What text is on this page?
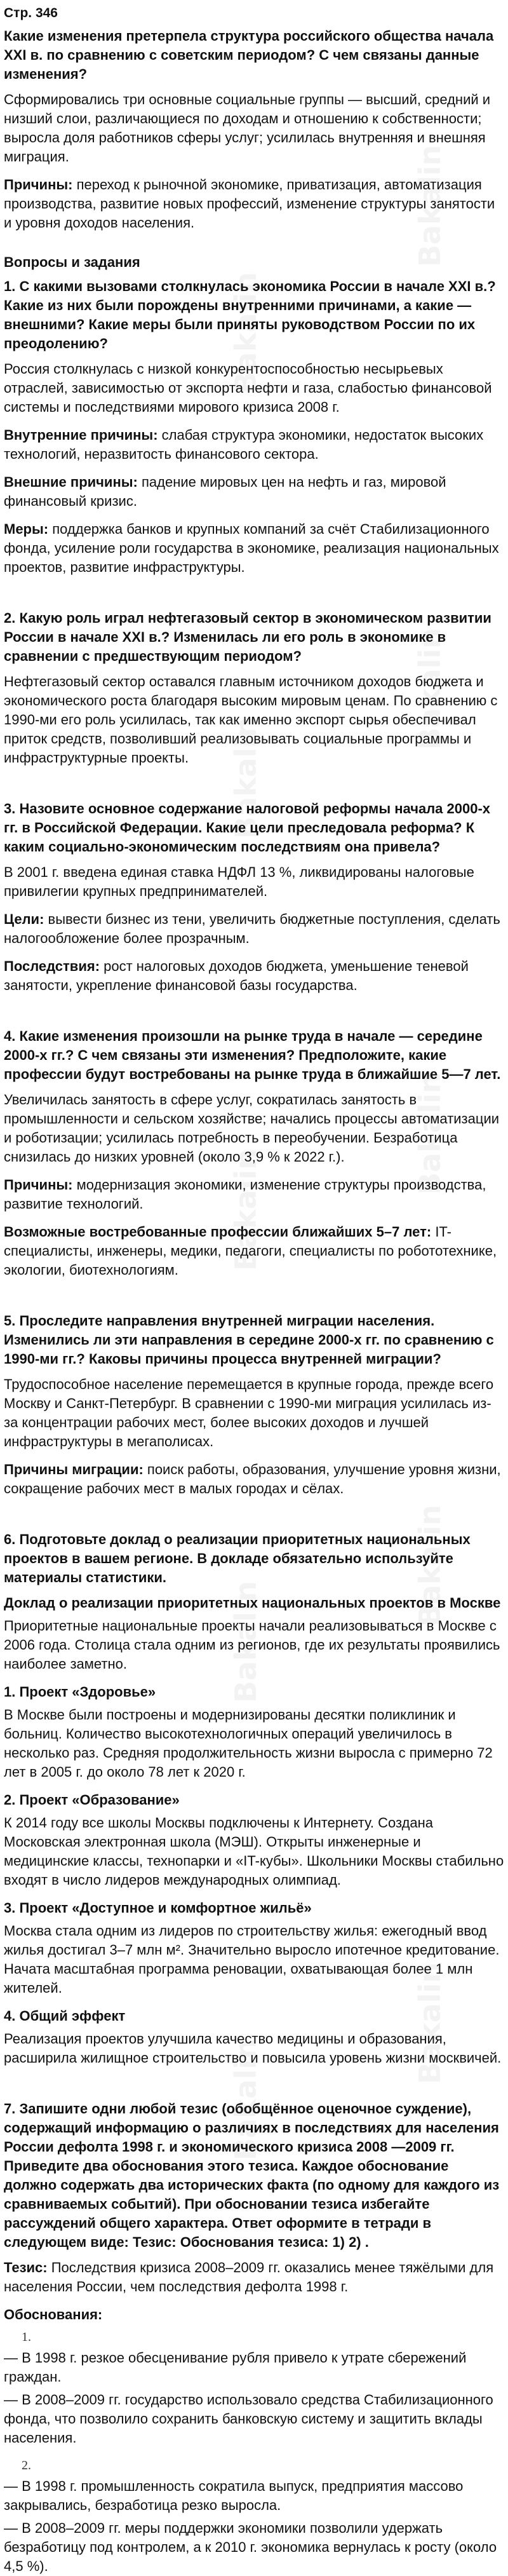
Bakalin
Bakalin
Bakalin
Bakalin
Bakalin
Bakalin
Bakalin
Bakalin
Bakalin
Bakalin
Стр. 346

Какие изменения претерпела структура российского общества начала XXI в. по сравнению с советским периодом? С чем связаны данные изменения?

Сформировались три основные социальные группы — высший, средний и низший слои, различающиеся по доходам и отношению к собственности; выросла доля работников сферы услуг; усилилась внутренняя и внешняя миграция.

Причины: переход к рыночной экономике, приватизация, автоматизация производства, развитие новых профессий, изменение структуры занятости и уровня доходов населения.

Вопросы и задания

1. С какими вызовами столкнулась экономика России в начале XXI в.? Какие из них были порождены внутренними причинами, а какие — внешними? Какие меры были приняты руководством России по их преодолению?

Россия столкнулась с низкой конкурентоспособностью несырьевых отраслей, зависимостью от экспорта нефти и газа, слабостью финансовой системы и последствиями мирового кризиса 2008 г.

Внутренние причины: слабая структура экономики, недостаток высоких технологий, неразвитость финансового сектора.

Внешние причины: падение мировых цен на нефть и газ, мировой финансовый кризис.

Меры: поддержка банков и крупных компаний за счёт Стабилизационного фонда, усиление роли государства в экономике, реализация национальных проектов, развитие инфраструктуры.

2. Какую роль играл нефтегазовый сектор в экономическом развитии России в начале XXI в.? Изменилась ли его роль в экономике в сравнении с предшествующим периодом?

Нефтегазовый сектор оставался главным источником доходов бюджета и экономического роста благодаря высоким мировым ценам. По сравнению с 1990-ми его роль усилилась, так как именно экспорт сырья обеспечивал приток средств, позволивший реализовывать социальные программы и инфраструктурные проекты.

3. Назовите основное содержание налоговой реформы начала 2000-х гг. в Российской Федерации. Какие цели преследовала реформа? К каким социально-экономическим последствиям она привела?

В 2001 г. введена единая ставка НДФЛ 13 %, ликвидированы налоговые привилегии крупных предпринимателей.

Цели: вывести бизнес из тени, увеличить бюджетные поступления, сделать налогообложение более прозрачным.

Последствия: рост налоговых доходов бюджета, уменьшение теневой занятости, укрепление финансовой базы государства.

4. Какие изменения произошли на рынке труда в начале — середине 2000-х гг.? С чем связаны эти изменения? Предположите, какие профессии будут востребованы на рынке труда в ближайшие 5—7 лет.

Увеличилась занятость в сфере услуг, сократилась занятость в промышленности и сельском хозяйстве; начались процессы автоматизации и роботизации; усилилась потребность в переобучении. Безработица снизилась до низких уровней (около 3,9 % к 2022 г.).

Причины: модернизация экономики, изменение структуры производства, развитие технологий.

Возможные востребованные профессии ближайших 5–7 лет: IT-специалисты, инженеры, медики, педагоги, специалисты по робототехнике, экологии, биотехнологиям.

5. Проследите направления внутренней миграции населения. Изменились ли эти направления в середине 2000-х гг. по сравнению с 1990-ми гг.? Каковы причины процесса внутренней миграции?

Трудоспособное население перемещается в крупные города, прежде всего Москву и Санкт-Петербург. В сравнении с 1990-ми миграция усилилась из-за концентрации рабочих мест, более высоких доходов и лучшей инфраструктуры в мегаполисах.

Причины миграции: поиск работы, образования, улучшение уровня жизни, сокращение рабочих мест в малых городах и сёлах.

6. Подготовьте доклад о реализации приоритетных национальных проектов в вашем регионе. В докладе обязательно используйте материалы статистики.

Доклад о реализации приоритетных национальных проектов в Москве

Приоритетные национальные проекты начали реализовываться в Москве с 2006 года. Столица стала одним из регионов, где их результаты проявились наиболее заметно.

1. Проект «Здоровье»

В Москве были построены и модернизированы десятки поликлиник и больниц. Количество высокотехнологичных операций увеличилось в несколько раз. Средняя продолжительность жизни выросла с примерно 72 лет в 2005 г. до около 78 лет к 2020 г.

2. Проект «Образование»

К 2014 году все школы Москвы подключены к Интернету. Создана Московская электронная школа (МЭШ). Открыты инженерные и медицинские классы, технопарки и «IT-кубы». Школьники Москвы стабильно входят в число лидеров международных олимпиад.

3. Проект «Доступное и комфортное жильё»

Москва стала одним из лидеров по строительству жилья: ежегодный ввод жилья достигал 3–7 млн м². Значительно выросло ипотечное кредитование. Начата масштабная программа реновации, охватывающая более 1 млн жителей.

4. Общий эффект

Реализация проектов улучшила качество медицины и образования, расширила жилищное строительство и повысила уровень жизни москвичей.

7. Запишите одни любой тезис (обобщённое оценочное суждение), содержащий информацию о различиях в последствиях для населения России дефолта 1998 г. и экономического кризиса 2008 —2009 гг. Приведите два обоснования этого тезиса. Каждое обоснование должно содержать два исторических факта (по одному для каждого из сравниваемых событий). При обосновании тезиса избегайте рассуждений общего характера. Ответ оформите в тетради в следующем виде: Тезис: Обоснования тезиса: 1) 2) .

Тезис: Последствия кризиса 2008–2009 гг. оказались менее тяжёлыми для населения России, чем последствия дефолта 1998 г.

Обоснования:

1.

— В 1998 г. резкое обесценивание рубля привело к утрате сбережений граждан.

— В 2008–2009 гг. государство использовало средства Стабилизационного фонда, что позволило сохранить банковскую систему и защитить вклады населения.

2.

— В 1998 г. промышленность сократила выпуск, предприятия массово закрывались, безработица резко выросла.

— В 2008–2009 гг. меры поддержки экономики позволили удержать безработицу под контролем, а к 2010 г. экономика вернулась к росту (около 4,5 %).
